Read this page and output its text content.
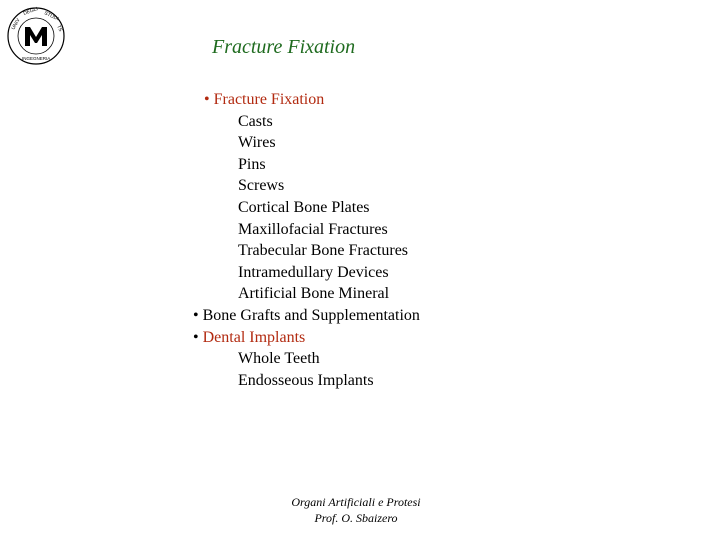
UNIV
DEGLI STUDI
TS
INGEGNERIA
Fracture Fixation
• Fracture Fixation
Casts
Wires
Pins
Screws
Cortical Bone Plates
Maxillofacial Fractures
Trabecular Bone Fractures
Intramedullary Devices
Artificial Bone Mineral
• Bone Grafts and Supplementation
• Dental Implants
Whole Teeth
Endosseous Implants
Organi Artificiali e Protesi
Prof. O. Sbaizero
